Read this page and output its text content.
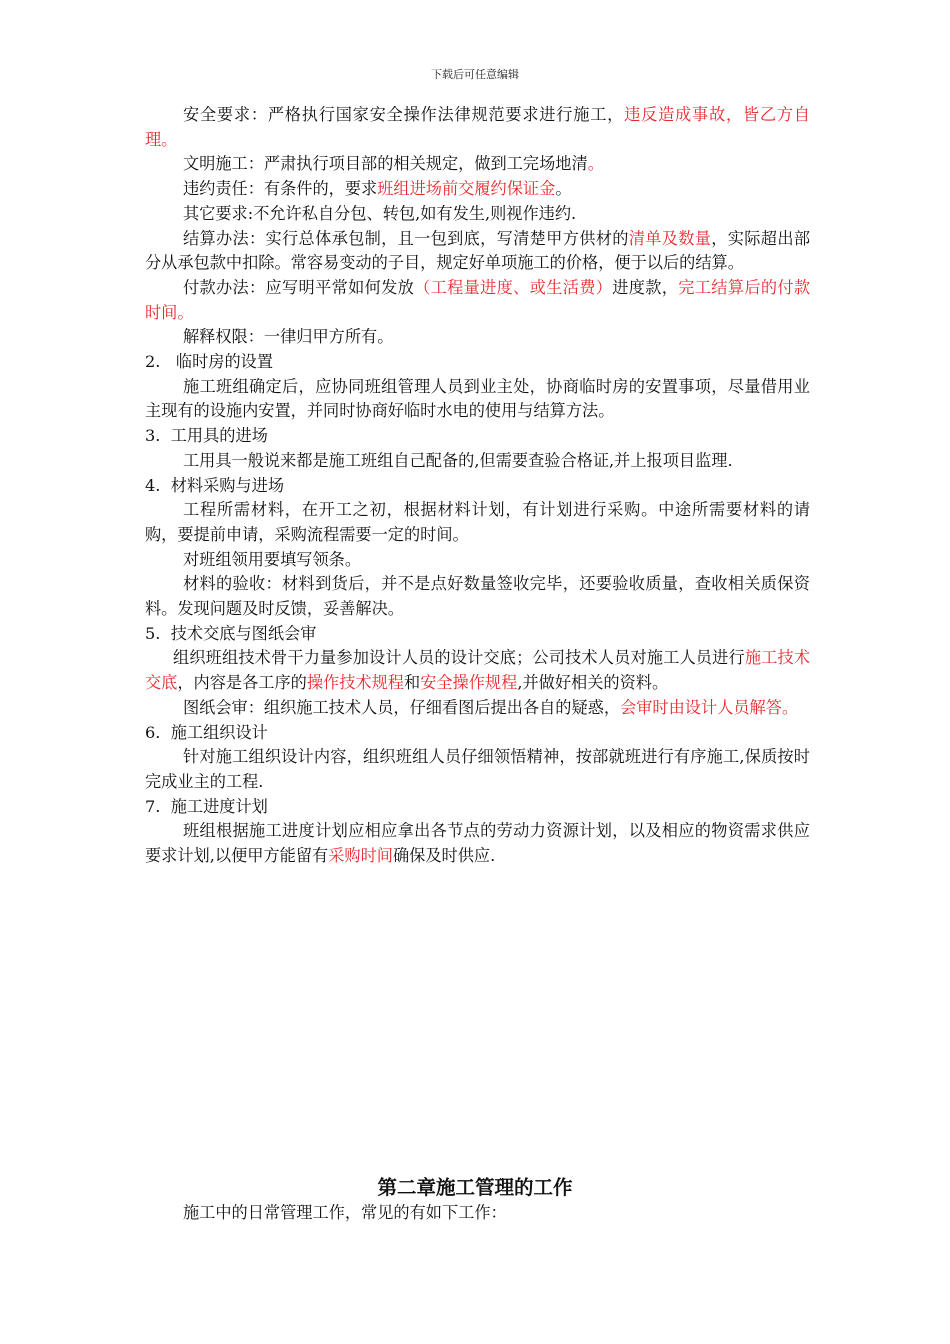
下载后可任意编辑

安全要求：严格执行国家安全操作法律规范要求进行施工，违反造成事故，皆乙方自理。

文明施工：严肃执行项目部的相关规定，做到工完场地清。

违约责任：有条件的，要求班组进场前交履约保证金。

其它要求:不允许私自分包、转包,如有发生,则视作违约.

结算办法：实行总体承包制，且一包到底，写清楚甲方供材的清单及数量，实际超出部分从承包款中扣除。常容易变动的子目，规定好单项施工的价格，便于以后的结算。

付款办法：应写明平常如何发放（工程量进度、或生活费）进度款，完工结算后的付款时间。

解释权限：一律归甲方所有。

2.   临时房的设置

施工班组确定后，应协同班组管理人员到业主处，协商临时房的安置事项，尽量借用业主现有的设施内安置，并同时协商好临时水电的使用与结算方法。

3.  工用具的进场

工用具一般说来都是施工班组自己配备的,但需要查验合格证,并上报项目监理.

4.  材料采购与进场

工程所需材料，在开工之初，根据材料计划，有计划进行采购。中途所需要材料的请购，要提前申请，采购流程需要一定的时间。

对班组领用要填写领条。

材料的验收：材料到货后，并不是点好数量签收完毕，还要验收质量，查收相关质保资料。发现问题及时反馈，妥善解决。

5.  技术交底与图纸会审

组织班组技术骨干力量参加设计人员的设计交底；公司技术人员对施工人员进行施工技术交底，内容是各工序的操作技术规程和安全操作规程,并做好相关的资料。

图纸会审：组织施工技术人员，仔细看图后提出各自的疑惑，会审时由设计人员解答。

6.  施工组织设计

针对施工组织设计内容，组织班组人员仔细领悟精神，按部就班进行有序施工,保质按时完成业主的工程.

7.  施工进度计划

班组根据施工进度计划应相应拿出各节点的劳动力资源计划，以及相应的物资需求供应要求计划,以便甲方能留有采购时间确保及时供应.

第二章施工管理的工作

施工中的日常管理工作，常见的有如下工作：
